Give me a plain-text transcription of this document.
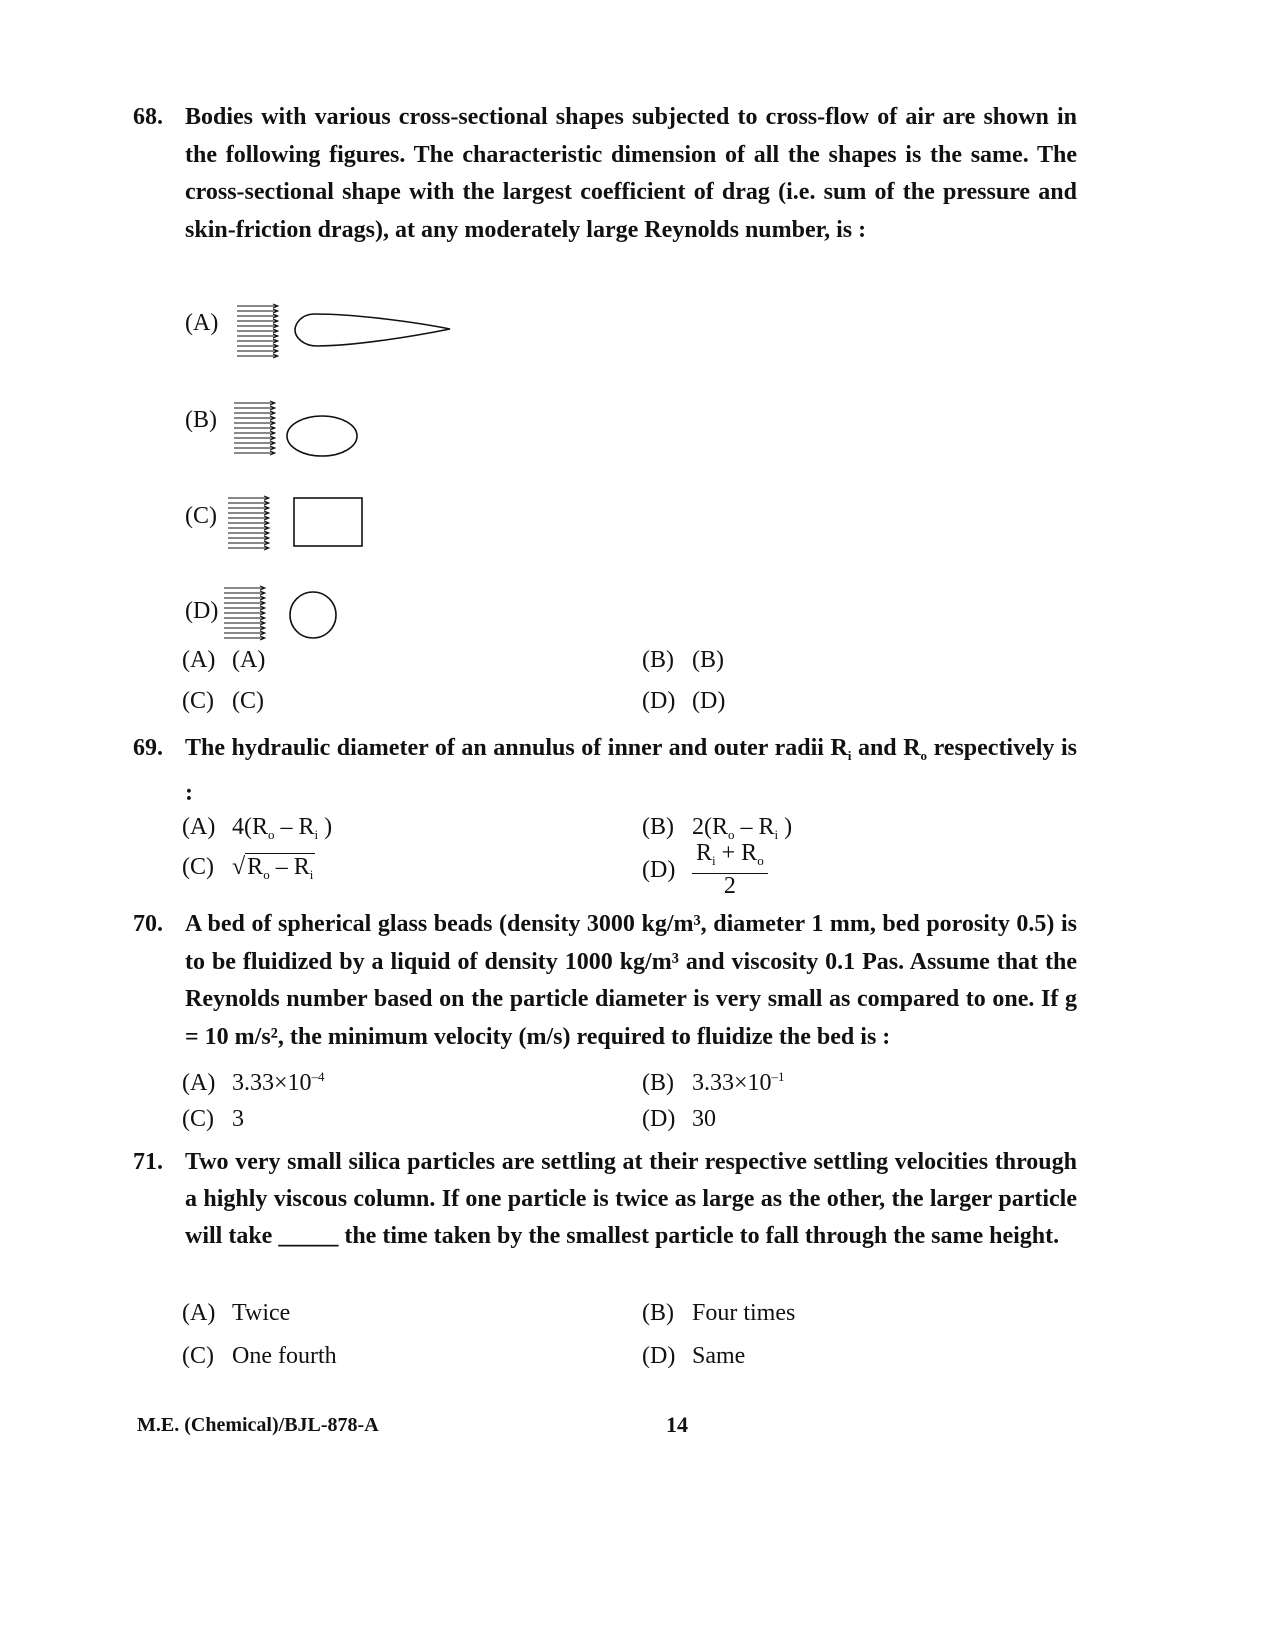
68. Bodies with various cross-sectional shapes subjected to cross-flow of air are shown in the following figures. The characteristic dimension of all the shapes is the same. The cross-sectional shape with the largest coefficient of drag (i.e. sum of the pressure and skin-friction drags), at any moderately large Reynolds number, is :
(A)
(B)
(C)
(D)
(A) (A)	(B) (B)
(C) (C)	(D) (D)
69. The hydraulic diameter of an annulus of inner and outer radii $R_i$ and $R_o$ respectively is :
(A) $4(R_o - R_i$ )	(B) $2(R_o - R_i$ )
(C) $√R_o - R_i$	$(D) \frac{R_i + R_o}{2}$
70. A bed of spherical glass beads (density 3000 kg/m³, diameter 1 mm, bed porosity 0.5) is to be fluidized by a liquid of density 1000 kg/m³ and viscosity 0.1 Pas. Assume that the Reynolds number based on the particle diameter is very small as compared to one. If g = 10 m/s², the minimum velocity (m/s) required to fluidize the bed is :
(A) $3.33\times 10^{-4}$	(B) $3.33\times 10^{-1}$
(C) 3	(D) 30
71. Two very small silica particles are settling at their respective settling velocities through a highly viscous column. If one particle is twice as large as the other, the larger particle will take _____ the time taken by the smallest particle to fall through the same height.
(A) Twice	(B) Four times
(C) One fourth	(D) Same
M.E. (Chemical)/BJL-878-A	14
